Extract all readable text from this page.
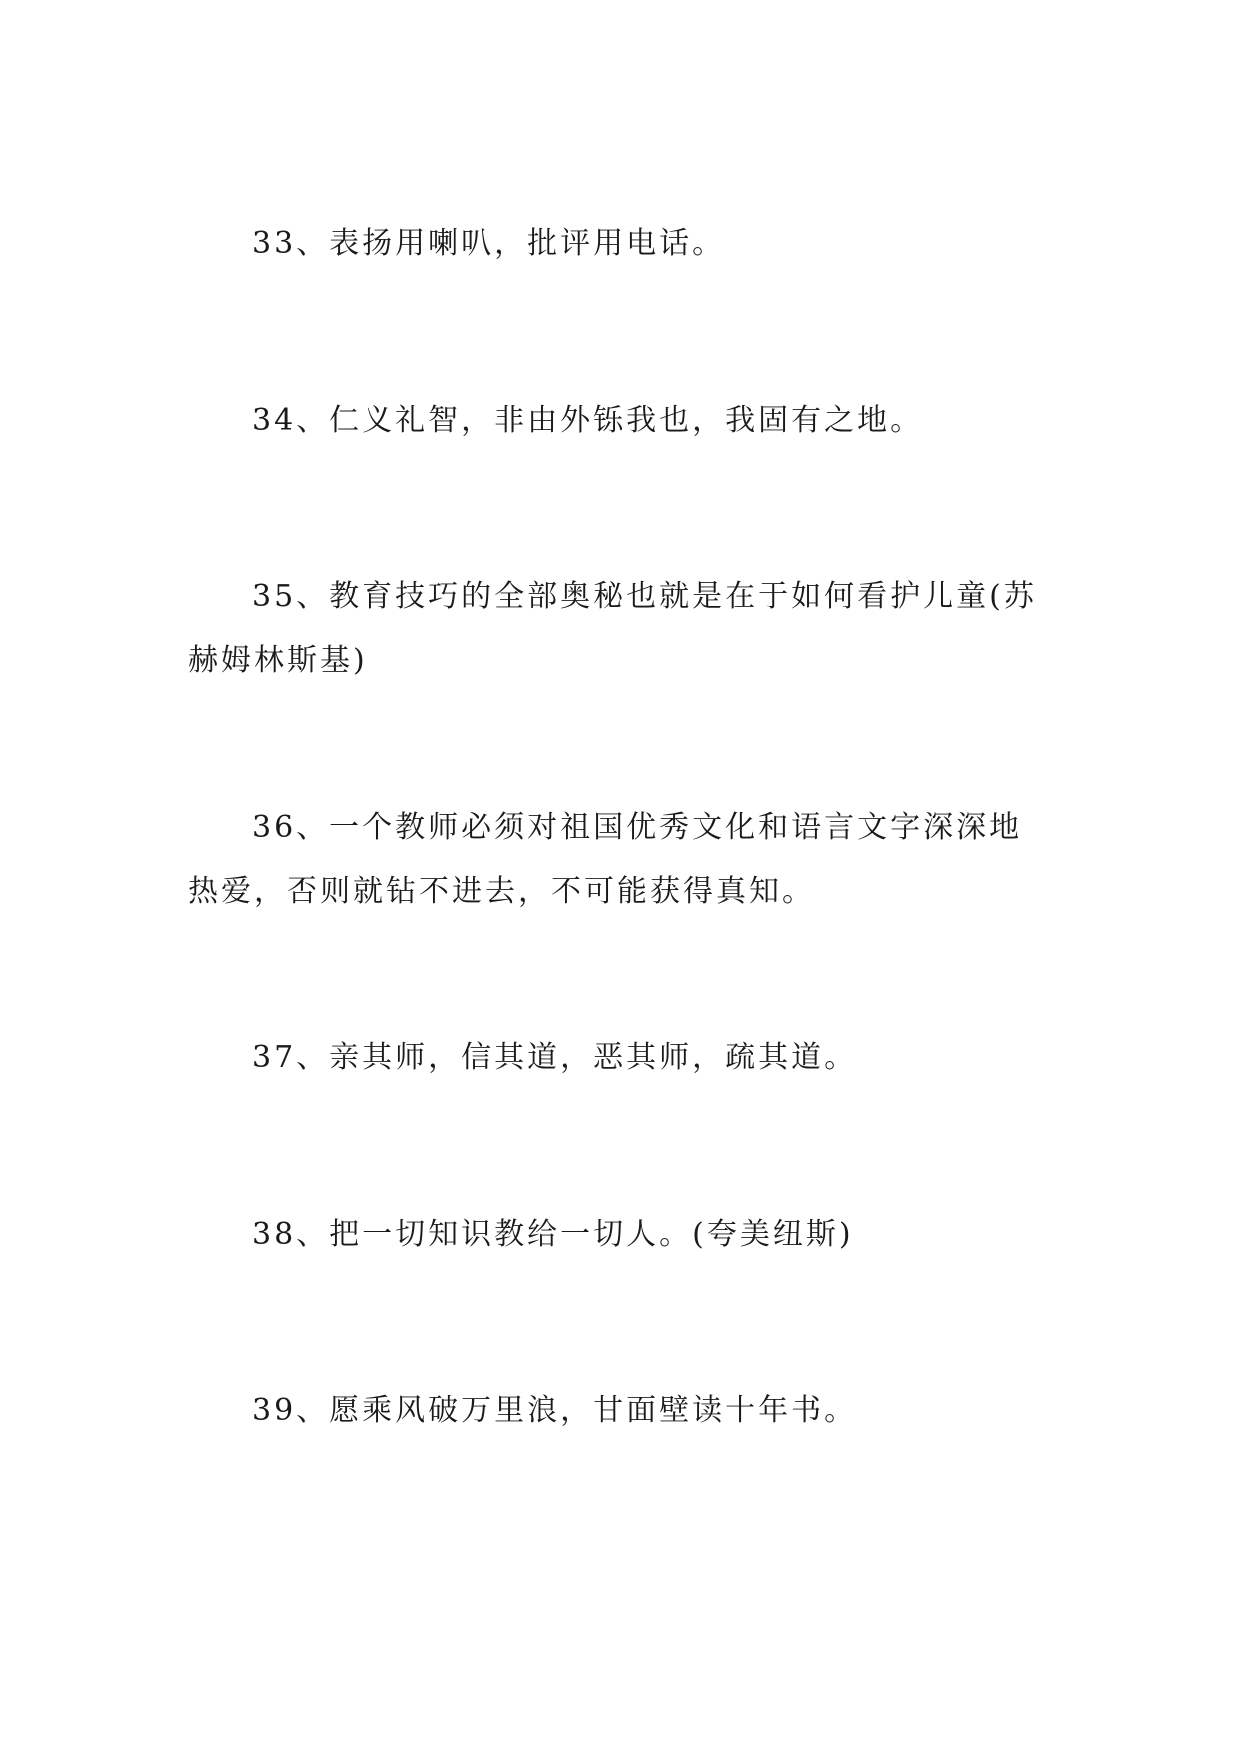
33、表扬用喇叭，批评用电话。

34、仁义礼智，非由外铄我也，我固有之地。

35、教育技巧的全部奥秘也就是在于如何看护儿童(苏赫姆林斯基)

36、一个教师必须对祖国优秀文化和语言文字深深地热爱，否则就钻不进去，不可能获得真知。

37、亲其师，信其道，恶其师，疏其道。

38、把一切知识教给一切人。(夸美纽斯)

39、愿乘风破万里浪，甘面壁读十年书。
